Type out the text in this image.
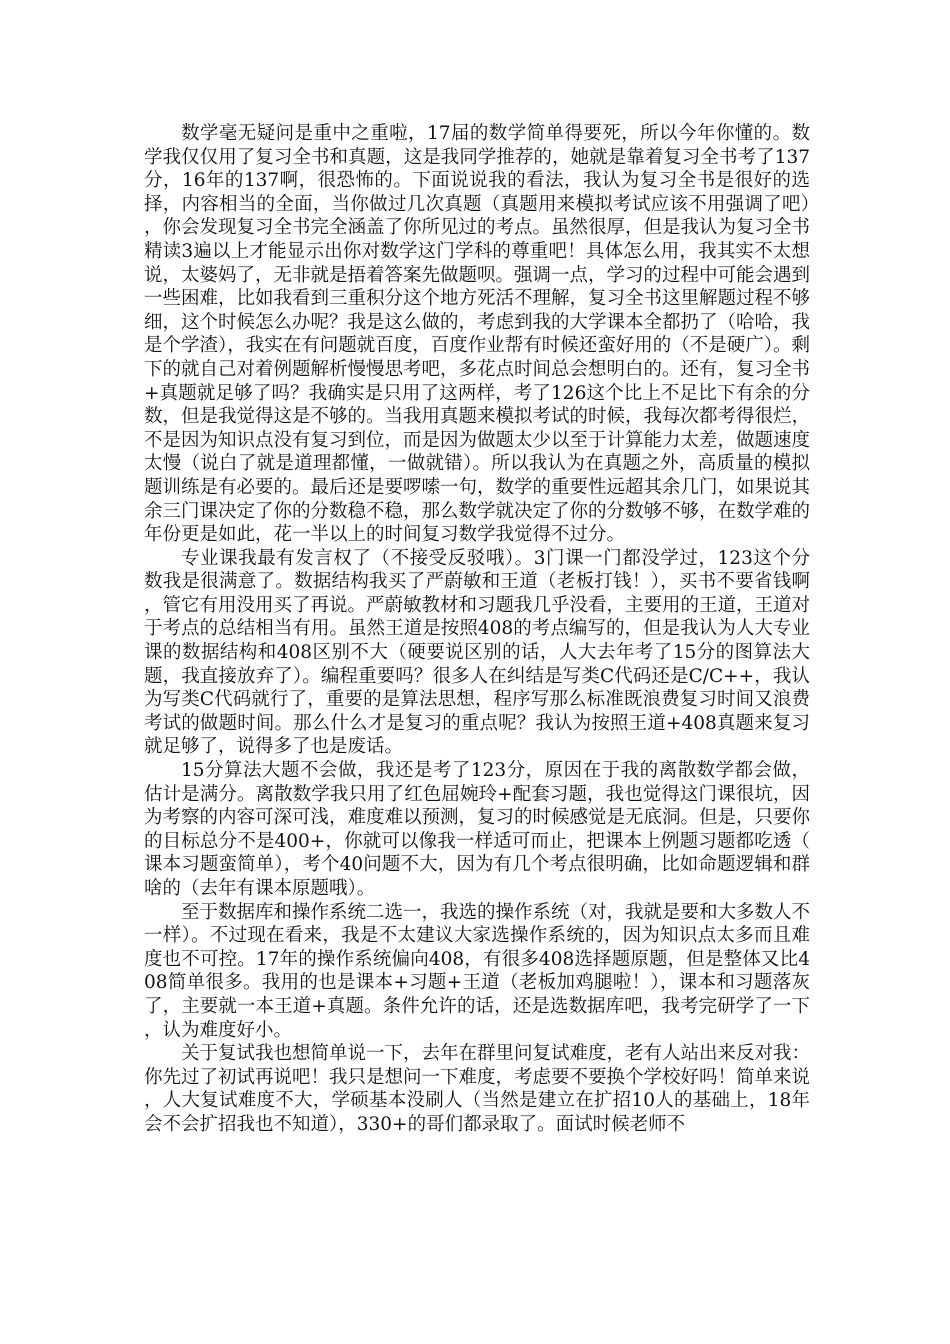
数学毫无疑问是重中之重啦，17届的数学简单得要死，所以今年你懂的。数学我仅仅用了复习全书和真题，这是我同学推荐的，她就是靠着复习全书考了137分，16年的137啊，很恐怖的。下面说说我的看法，我认为复习全书是很好的选择，内容相当的全面，当你做过几次真题（真题用来模拟考试应该不用强调了吧），你会发现复习全书完全涵盖了你所见过的考点。虽然很厚，但是我认为复习全书精读3遍以上才能显示出你对数学这门学科的尊重吧！具体怎么用，我其实不太想说，太婆妈了，无非就是捂着答案先做题呗。强调一点，学习的过程中可能会遇到一些困难，比如我看到三重积分这个地方死活不理解，复习全书这里解题过程不够细，这个时候怎么办呢？我是这么做的，考虑到我的大学课本全都扔了（哈哈，我是个学渣），我实在有问题就百度，百度作业帮有时候还蛮好用的（不是硬广）。剩下的就自己对着例题解析慢慢思考吧，多花点时间总会想明白的。还有，复习全书+真题就足够了吗？我确实是只用了这两样，考了126这个比上不足比下有余的分数，但是我觉得这是不够的。当我用真题来模拟考试的时候，我每次都考得很烂，不是因为知识点没有复习到位，而是因为做题太少以至于计算能力太差，做题速度太慢（说白了就是道理都懂，一做就错）。所以我认为在真题之外，高质量的模拟题训练是有必要的。最后还是要啰嗦一句，数学的重要性远超其余几门，如果说其余三门课决定了你的分数稳不稳，那么数学就决定了你的分数够不够，在数学难的年份更是如此，花一半以上的时间复习数学我觉得不过分。

专业课我最有发言权了（不接受反驳哦）。3门课一门都没学过，123这个分数我是很满意了。数据结构我买了严蔚敏和王道（老板打钱！），买书不要省钱啊，管它有用没用买了再说。严蔚敏教材和习题我几乎没看，主要用的王道，王道对于考点的总结相当有用。虽然王道是按照408的考点编写的，但是我认为人大专业课的数据结构和408区别不大（硬要说区别的话，人大去年考了15分的图算法大题，我直接放弃了）。编程重要吗？很多人在纠结是写类C代码还是C/C++，我认为写类C代码就行了，重要的是算法思想，程序写那么标准既浪费复习时间又浪费考试的做题时间。那么什么才是复习的重点呢？我认为按照王道+408真题来复习就足够了，说得多了也是废话。

15分算法大题不会做，我还是考了123分，原因在于我的离散数学都会做，估计是满分。离散数学我只用了红色屈婉玲+配套习题，我也觉得这门课很坑，因为考察的内容可深可浅，难度难以预测，复习的时候感觉是无底洞。但是，只要你的目标总分不是400+，你就可以像我一样适可而止，把课本上例题习题都吃透（课本习题蛮简单），考个40问题不大，因为有几个考点很明确，比如命题逻辑和群啥的（去年有课本原题哦）。

至于数据库和操作系统二选一，我选的操作系统（对，我就是要和大多数人不一样）。不过现在看来，我是不太建议大家选操作系统的，因为知识点太多而且难度也不可控。17年的操作系统偏向408，有很多408选择题原题，但是整体又比408简单很多。我用的也是课本+习题+王道（老板加鸡腿啦！），课本和习题落灰了，主要就一本王道+真题。条件允许的话，还是选数据库吧，我考完研学了一下，认为难度好小。

关于复试我也想简单说一下，去年在群里问复试难度，老有人站出来反对我：你先过了初试再说吧！我只是想问一下难度，考虑要不要换个学校好吗！简单来说，人大复试难度不大，学硕基本没刷人（当然是建立在扩招10人的基础上，18年会不会扩招我也不知道），330+的哥们都录取了。面试时候老师不
